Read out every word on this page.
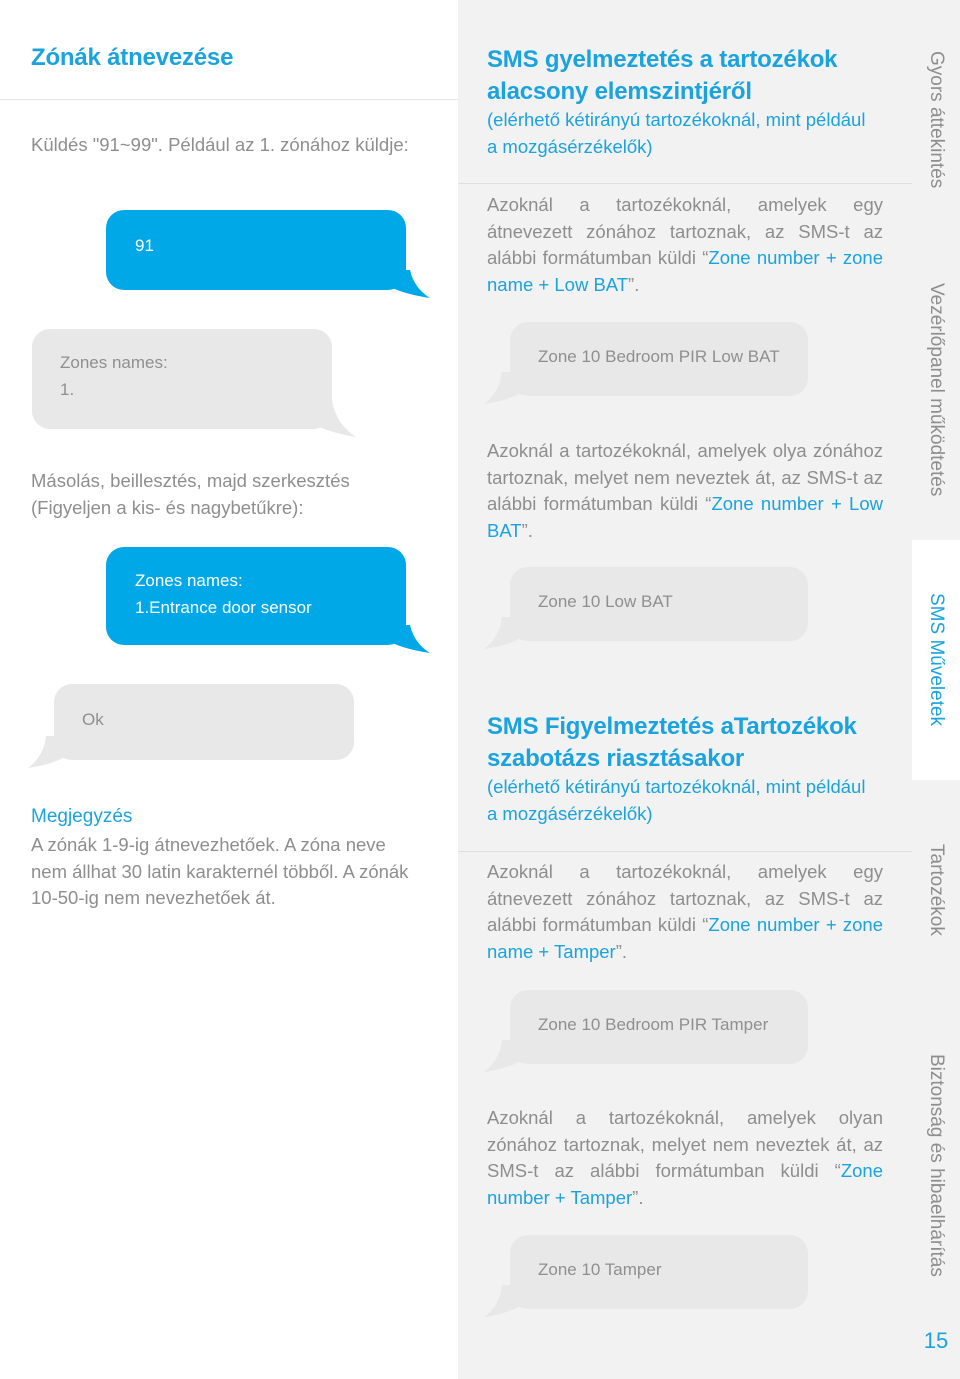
Zónák átnevezése
Küldés "91~99". Például az 1. zónához küldje:
91
Zones names:
1.
Másolás, beillesztés, majd szerkesztés (Figyeljen a kis- és nagybetűkre):
Zones names:
1.Entrance door sensor
Ok
Megjegyzés
A zónák 1-9-ig átnevezhetőek. A zóna neve nem állhat 30 latin karakternél többől. A zónák 10-50-ig nem nevezhetőek át.
SMS gyelmeztetés a tartozékok
alacsony elemszintjéről
(elérhető kétirányú tartozékoknál, mint például a mozgásérzékelők)
Azoknál a tartozékoknál, amelyek egy átnevezett zónához tartoznak, az SMS-t az alábbi formátumban küldi “Zone number + zone name + Low BAT”.
Zone 10 Bedroom PIR Low BAT
Azoknál a tartozékoknál, amelyek olya zónához tartoznak, melyet nem neveztek át, az SMS-t az alábbi formátumban küldi “Zone number + Low BAT”.
Zone 10 Low BAT
SMS Figyelmeztetés aTartozékok
szabotázs riasztásakor
(elérhető kétirányú tartozékoknál, mint például a mozgásérzékelők)
Azoknál a tartozékoknál, amelyek egy átnevezett zónához tartoznak, az SMS-t az alábbi formátumban küldi “Zone number + zone name + Tamper”.
Zone 10 Bedroom PIR Tamper
Azoknál a tartozékoknál, amelyek olyan zónához tartoznak, melyet nem neveztek át, az SMS-t az alábbi formátumban küldi “Zone number + Tamper”.
Zone 10 Tamper
Gyors áttekintés
Vezérlőpanel működtetés
SMS Műveletek
Tartozékok
Biztonság és hibaelhárítás
15
